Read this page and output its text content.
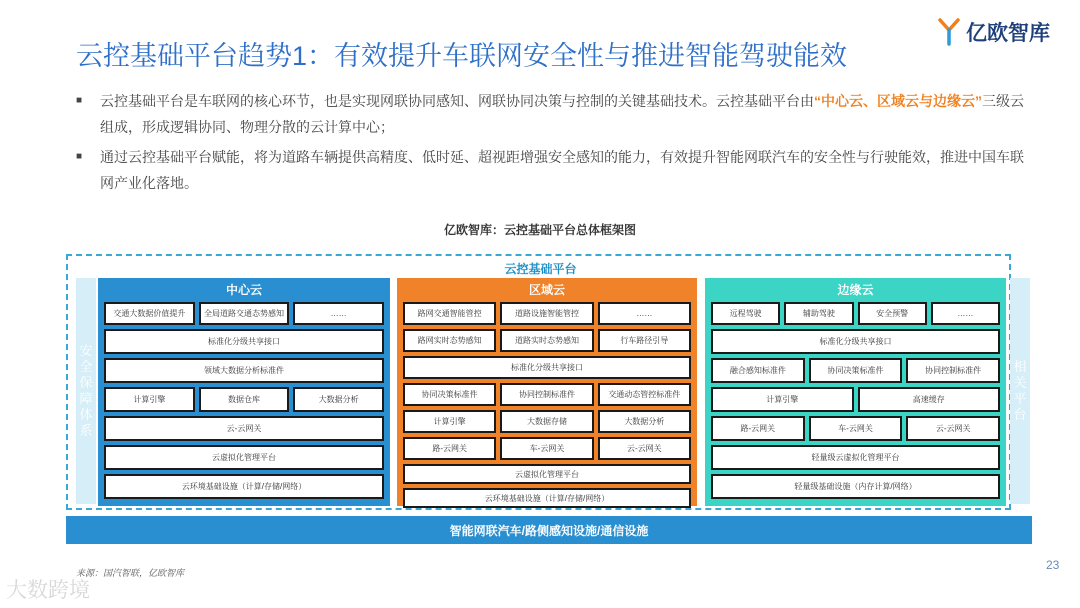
云控基础平台趋势1：有效提升车联网安全性与推进智能驾驶能效
亿欧智库
■	云控基础平台是车联网的核心环节，也是实现网联协同感知、网联协同决策与控制的关键基础技术。云控基础平台由“中心云、区域云与边缘云”三级云组成，形成逻辑协同、物理分散的云计算中心；
■	通过云控基础平台赋能，将为道路车辆提供高精度、低时延、超视距增强安全感知的能力，有效提升智能网联汽车的安全性与行驶能效，推进中国车联网产业化落地。
亿欧智库：云控基础平台总体框架图
云控基础平台
安
全
保
障
体
系
相
关
平
台
中心云
交通大数据价值提升	全局道路交通态势感知	……
标准化分级共享接口
领域大数据分析标准件
计算引擎	数据仓库	大数据分析
云-云网关
云虚拟化管理平台
云环境基础设施（计算/存储/网络）
区域云
路网交通智能管控	道路设施智能管控	……
路网实时态势感知	道路实时态势感知	行车路径引导
标准化分级共享接口
协同决策标准件	协同控制标准件	交通动态管控标准件
计算引擎	大数据存储	大数据分析
路-云网关	车-云网关	云-云网关
云虚拟化管理平台
云环境基础设施（计算/存储/网络）
边缘云
远程驾驶	辅助驾驶	安全预警	……
标准化分级共享接口
融合感知标准件	协同决策标准件	协同控制标准件
计算引擎	高速缓存
路-云网关	车-云网关	云-云网关
轻量级云虚拟化管理平台
轻量级基础设施（内存计算/网络）
智能网联汽车/路侧感知设施/通信设施
来源：国汽智联，亿欧智库
23
大数跨境
